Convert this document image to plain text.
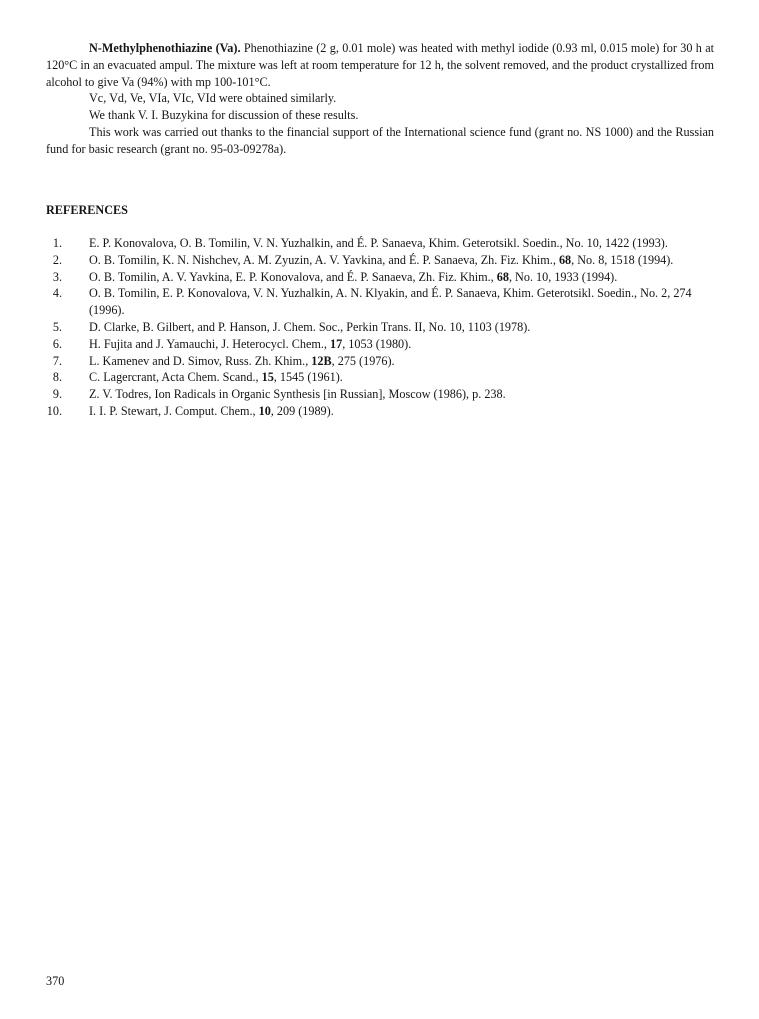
N-Methylphenothiazine (Va). Phenothiazine (2 g, 0.01 mole) was heated with methyl iodide (0.93 ml, 0.015 mole) for 30 h at 120°C in an evacuated ampul. The mixture was left at room temperature for 12 h, the solvent removed, and the product crystallized from alcohol to give Va (94%) with mp 100-101°C.

Vc, Vd, Ve, VIa, VIc, VId were obtained similarly.

We thank V. I. Buzykina for discussion of these results.

This work was carried out thanks to the financial support of the International science fund (grant no. NS 1000) and the Russian fund for basic research (grant no. 95-03-09278a).

REFERENCES
1. E. P. Konovalova, O. B. Tomilin, V. N. Yuzhalkin, and É. P. Sanaeva, Khim. Geterotsikl. Soedin., No. 10, 1422 (1993).
2. O. B. Tomilin, K. N. Nishchev, A. M. Zyuzin, A. V. Yavkina, and É. P. Sanaeva, Zh. Fiz. Khim., 68, No. 8, 1518 (1994).
3. O. B. Tomilin, A. V. Yavkina, E. P. Konovalova, and É. P. Sanaeva, Zh. Fiz. Khim., 68, No. 10, 1933 (1994).
4. O. B. Tomilin, E. P. Konovalova, V. N. Yuzhalkin, A. N. Klyakin, and É. P. Sanaeva, Khim. Geterotsikl. Soedin., No. 2, 274 (1996).
5. D. Clarke, B. Gilbert, and P. Hanson, J. Chem. Soc., Perkin Trans. II, No. 10, 1103 (1978).
6. H. Fujita and J. Yamauchi, J. Heterocycl. Chem., 17, 1053 (1980).
7. L. Kamenev and D. Simov, Russ. Zh. Khim., 12B, 275 (1976).
8. C. Lagercrant, Acta Chem. Scand., 15, 1545 (1961).
9. Z. V. Todres, Ion Radicals in Organic Synthesis [in Russian], Moscow (1986), p. 238.
10. I. I. P. Stewart, J. Comput. Chem., 10, 209 (1989).
370
